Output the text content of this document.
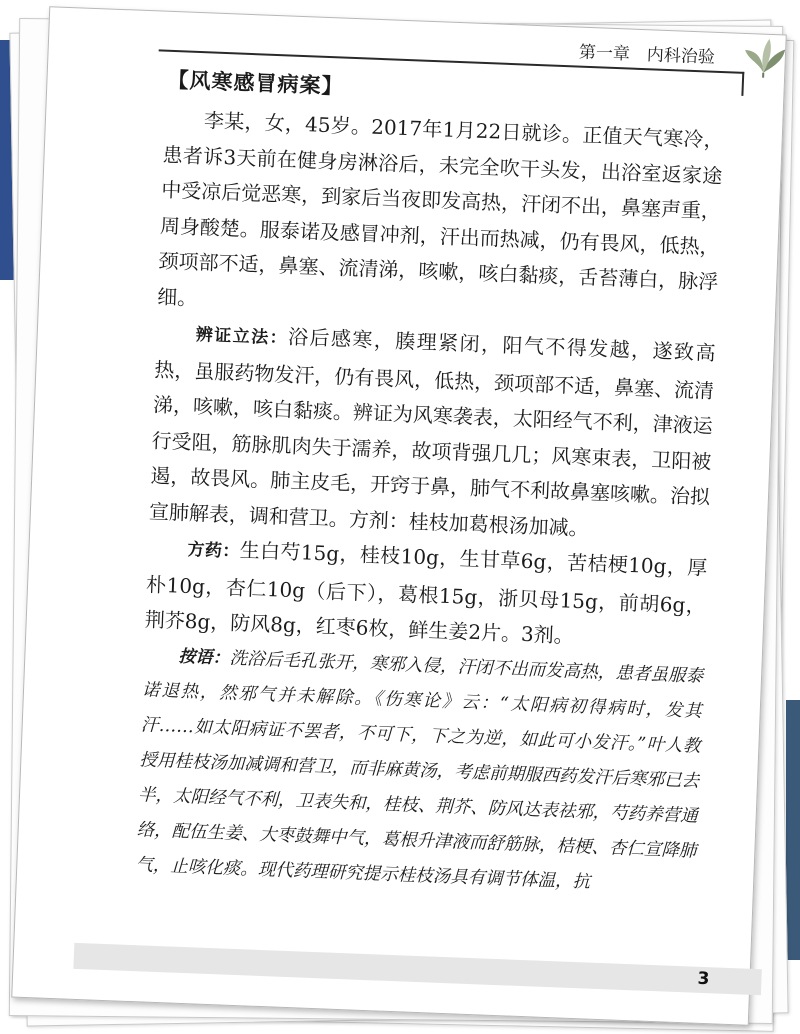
第一章　内科治验
【风寒感冒病案】

李某，女，45岁。2017年1月22日就诊。正值天气寒冷，患者诉3天前在健身房淋浴后，未完全吹干头发，出浴室返家途中受凉后觉恶寒，到家后当夜即发高热，汗闭不出，鼻塞声重，周身酸楚。服泰诺及感冒冲剂，汗出而热减，仍有畏风，低热，颈项部不适，鼻塞、流清涕，咳嗽，咳白黏痰，舌苔薄白，脉浮细。

辨证立法：浴后感寒，腠理紧闭，阳气不得发越，遂致高热，虽服药物发汗，仍有畏风，低热，颈项部不适，鼻塞、流清涕，咳嗽，咳白黏痰。辨证为风寒袭表，太阳经气不利，津液运行受阻，筋脉肌肉失于濡养，故项背强几几；风寒束表，卫阳被遏，故畏风。肺主皮毛，开窍于鼻，肺气不利故鼻塞咳嗽。治拟宣肺解表，调和营卫。方剂：桂枝加葛根汤加减。

方药：生白芍15g，桂枝10g，生甘草6g，苦桔梗10g，厚朴10g，杏仁10g（后下），葛根15g，浙贝母15g，前胡6g，荆芥8g，防风8g，红枣6枚，鲜生姜2片。3剂。

按语：洗浴后毛孔张开，寒邪入侵，汗闭不出而发高热，患者虽服泰诺退热，然邪气并未解除。《伤寒论》云：“太阳病初得病时，发其汗……如太阳病证不罢者，不可下，下之为逆，如此可小发汗。”叶人教授用桂枝汤加减调和营卫，而非麻黄汤，考虑前期服西药发汗后寒邪已去半，太阳经气不利，卫表失和，桂枝、荆芥、防风达表祛邪，芍药养营通络，配伍生姜、大枣鼓舞中气，葛根升津液而舒筋脉，桔梗、杏仁宣降肺气，止咳化痰。现代药理研究提示桂枝汤具有调节体温，抗

3
